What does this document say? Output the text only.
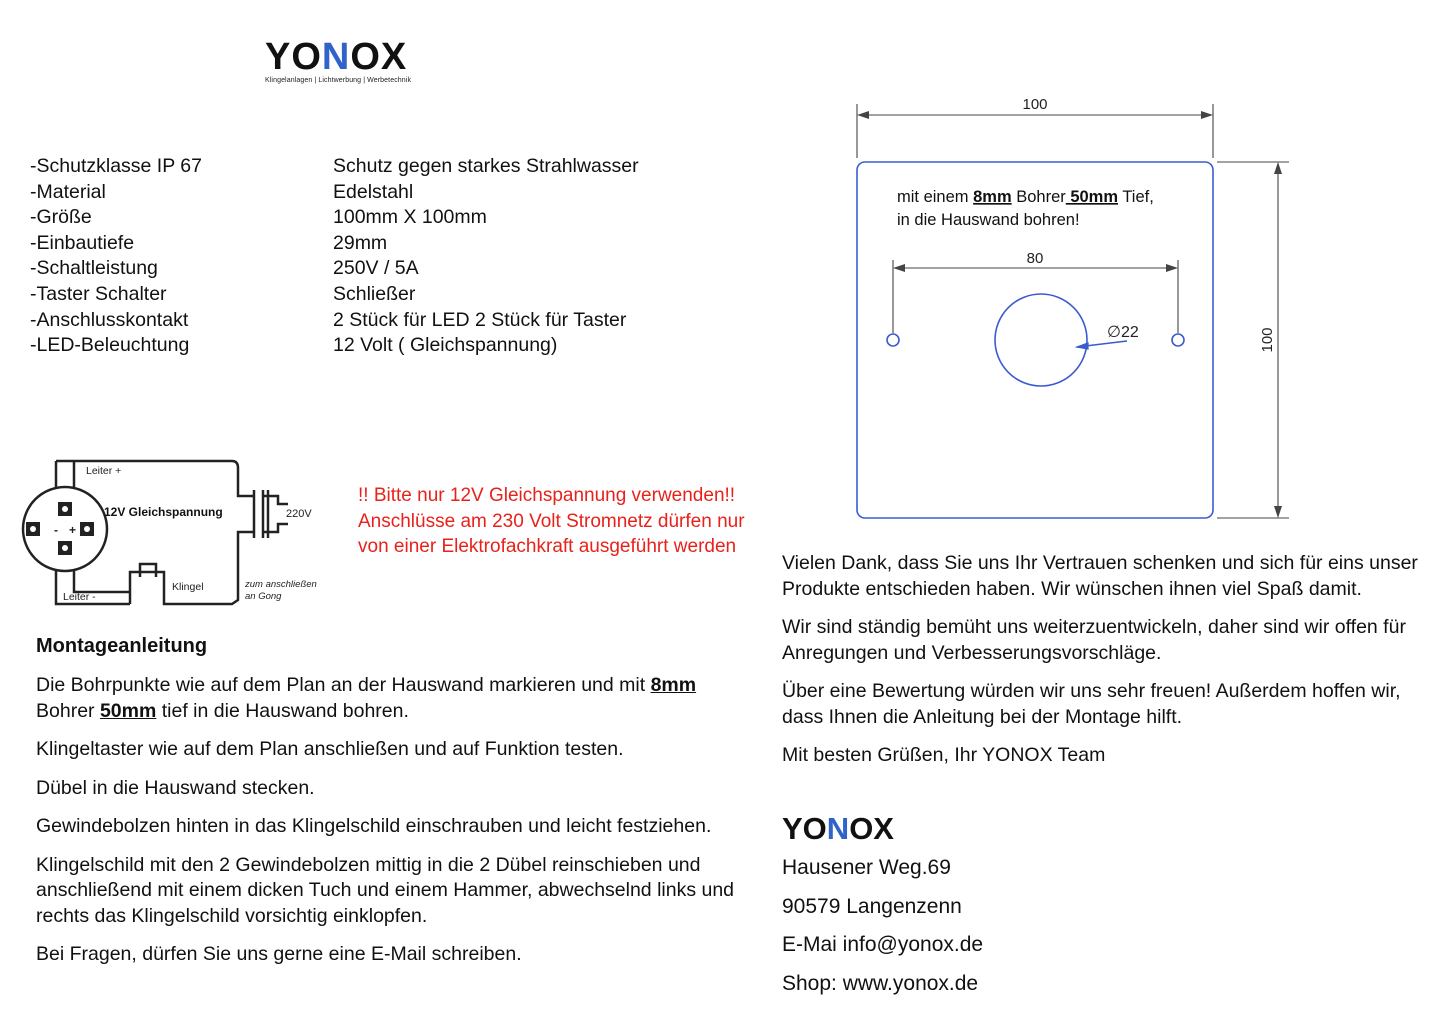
YONOX
Klingelanlagen | Lichtwerbung | Werbetechnik
-Schutzklasse IP 67	Schutz gegen starkes Strahlwasser
-Material	Edelstahl
-Größe	100mm X 100mm
-Einbautiefe	29mm
-Schaltleistung	250V / 5A
-Taster Schalter	Schließer
-Anschlusskontakt	2 Stück für LED 2 Stück für Taster
-LED-Beleuchtung	12 Volt ( Gleichspannung)
- +
Leiter +
Leiter -
12V Gleichspannung	220V
Klingel	zum anschließen
an Gong
!! Bitte nur 12V Gleichspannung verwenden!! Anschlüsse am 230 Volt Stromnetz dürfen nur von einer Elektrofachkraft ausgeführt werden
Montageanleitung

Die Bohrpunkte wie auf dem Plan an der Hauswand markieren und mit 8mm Bohrer 50mm tief in die Hauswand bohren.

Klingeltaster wie auf dem Plan anschließen und auf Funktion testen.

Dübel in die Hauswand stecken.

Gewindebolzen hinten in das Klingelschild einschrauben und leicht festziehen.

Klingelschild mit den 2 Gewindebolzen mittig in die 2 Dübel reinschieben und anschließend mit einem dicken Tuch und einem Hammer, abwechselnd links und rechts das Klingelschild vorsichtig einklopfen.

Bei Fragen, dürfen Sie uns gerne eine E-Mail schreiben.

100
80
100
∅22
mit einem 8mm Bohrer 50mm Tief,
in die Hauswand bohren!

Vielen Dank, dass Sie uns Ihr Vertrauen schenken und sich für eins unser Produkte entschieden haben. Wir wünschen ihnen viel Spaß damit.

Wir sind ständig bemüht uns weiterzuentwickeln, daher sind wir offen für Anregungen und Verbesserungsvorschläge.

Über eine Bewertung würden wir uns sehr freuen! Außerdem hoffen wir, dass Ihnen die Anleitung bei der Montage hilft.

Mit besten Grüßen, Ihr YONOX Team

YONOX
Hausener Weg.69
90579 Langenzenn
E-Mai info@yonox.de
Shop: www.yonox.de
